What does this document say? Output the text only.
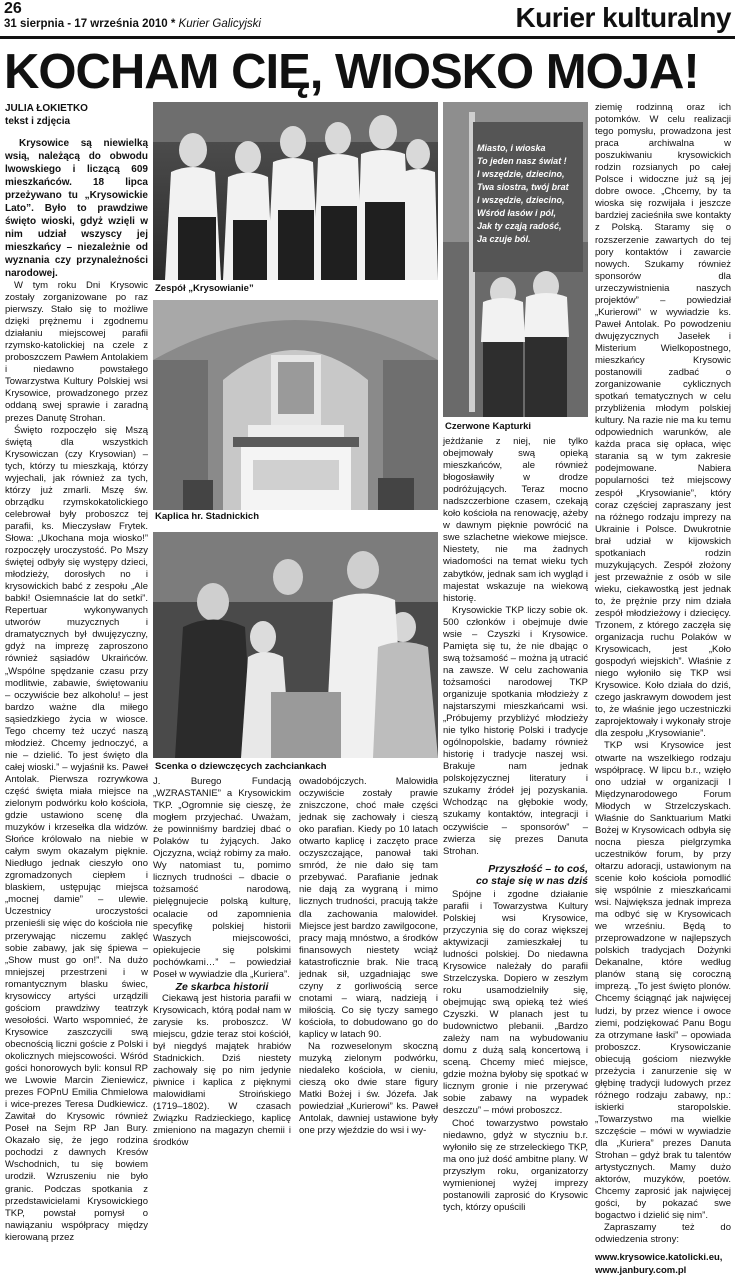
26
31 sierpnia - 17 września 2010 * Kurier Galicyjski	Kurier kulturalny
KOCHAM CIĘ, WIOSKO MOJA!

JULIA ŁOKIETKO

tekst i zdjęcia

Krysowice są niewielką wsią, należącą do obwodu lwowskiego i liczącą 609 mieszkańców. 18 lipca przeżywano tu „Krysowickie Lato”. Było to prawdziwe święto wioski, gdyż wzięli w nim udział wszyscy jej mieszkańcy – niezależnie od wyznania czy przynależności narodowej.

W tym roku Dni Krysowic zostały zorganizowane po raz pierwszy. Stało się to możliwe dzięki prężnemu i zgodnemu działaniu miejscowej parafii rzymsko-katolickiej na czele z proboszczem Pawłem Antolakiem i niedawno powstałego Towarzystwa Kultury Polskiej wsi Krysowice, prowadzonego przez oddaną swej sprawie i zaradną prezes Danutę Strohan.

Święto rozpoczęło się Mszą świętą dla wszystkich Krysowiczan (czy Krysowian) – tych, którzy tu mieszkają, którzy wyjechali, jak również za tych, którzy już zmarli. Mszę św. obrządku rzymskokatolickiego celebrował były proboszcz tej parafii, ks. Mieczysław Frytek. Słowa: „Ukochana moja wiosko!” rozpoczęły uroczystość. Po Mszy świętej odbyły się występy dzieci, młodzieży, dorosłych no i krysowickich babć z zespołu „Ale babki! Osiemnaście lat do setki”. Repertuar wykonywanych utworów muzycznych i dramatycznych był dwujęzyczny, gdyż na imprezę zaproszono również sąsiadów Ukraińców. „Wspólne spędzanie czasu przy modlitwie, zabawie, świętowaniu – oczywiście bez alkoholu! – jest bardzo ważne dla miłego sąsiedzkiego życia w wiosce. Tego chcemy też uczyć naszą młodzież. Chcemy jednoczyć, a nie – dzielić. To jest święto dla całej wioski.” – wyjaśnił ks. Paweł Antolak. Pierwsza rozrywkowa część święta miała miejsce na zielonym podwórku koło kościoła, gdzie ustawiono scenę dla muzyków i krzesełka dla widzów. Słońce królowało na niebie w całym swym okazałym pięknie. Niedługo jednak cieszyło ono zgromadzonych ciepłem i blaskiem, ustępując miejsca „mocnej damie” – ulewie. Uczestnicy uroczystości przenieśli się więc do kościoła nie przerywając niczemu zaklęć sobie zabawy, jak się śpiewa – „Show must go on!”. Na dużo mniejszej przestrzeni i w romantycznym blasku świec, krysowiccy artyści urządzili gościom prawdziwy teatrzyk wesołości. Warto wspomnieć, że Krysowice zaszczycili swą obecnością liczni goście z Polski i okolicznych miejscowości. Wśród gości honorowych byli: konsul RP we Lwowie Marcin Zieniewicz, prezes FOPnU Emilia Chmielowa i wice-prezes Teresa Dudkiewicz. Zawitał do Krysowic również Poseł na Sejm RP Jan Bury. Okazało się, że jego rodzina pochodzi z dawnych Kresów Wschodnich, tu się bowiem urodził. Wzruszeniu nie było granic. Podczas spotkania z przedstawicielami Krysowickiego TKP, powstał pomysł o nawiązaniu współpracy między kierowaną przez

Zespół „Krysowianie”
Kaplica hr. Stadnickich
Scenka o dziewczęcych zachciankach
Miasto, i wioska
To jeden nasz świat !
I wszędzie, dziecino,
Twa siostra, twój brat
I wszędzie, dziecino,
Wśród łasów i pól,
Jak ty cząją radość,
Ja czuje ból.
Czerwone Kapturki

J. Burego Fundacją „WZRASTANIE” a Krysowickim TKP. „Ogromnie się cieszę, że mogłem przyjechać. Uważam, że powinniśmy bardziej dbać o Polaków tu żyjących. Jako Ojczyzna, wciąż robimy za mało. Wy natomiast tu, pomimo licznych trudności – dbacie o tożsamość narodową, pielęgnujecie polską kulturę, ocalacie od zapomnienia specyfikę polskiej historii Waszych miejscowości, opiekujecie się polskimi pochówkami…” – powiedział Poseł w wywiadzie dla „Kuriera”.

Ze skarbca historii

Ciekawą jest historia parafii w Krysowicach, którą podał nam w zarysie ks. proboszcz. W miejscu, gdzie teraz stoi kościół, był niegdyś majątek hrabiów Stadnickich. Dziś niestety zachowały się po nim jedynie piwnice i kaplica z pięknymi malowidłami Stroińskiego (1719–1802). W czasach Związku Radzieckiego, kaplicę zmieniono na magazyn chemii i środków

owadobójczych. Malowidła oczywiście zostały prawie zniszczone, choć małe części jednak się zachowały i cieszą oko parafian. Kiedy po 10 latach otwarto kaplicę i zaczęto prace oczyszczające, panował taki smród, że nie dało się tam przebywać. Parafianie jednak nie dają za wygraną i mimo licznych trudności, pracują także dla zachowania malowideł. Miejsce jest bardzo zawilgocone, pracy mają mnóstwo, a środków finansowych niestety wciąż katastroficznie brak. Nie tracą jednak sił, uzgadniając swe czyny z gorliwością serce cnotami – wiarą, nadzieją i miłością. Co się tyczy samego kościoła, to dobudowano go do kaplicy w latach 90.

Na rozweselonym skoczną muzyką zielonym podwórku, niedaleko kościoła, w cieniu, cieszą oko dwie stare figury Matki Bożej i św. Józefa. Jak powiedział „Kurierowi” ks. Paweł Antolak, dawniej ustawione były one przy wjeździe do wsi i wy-

jeżdżanie z niej, nie tylko obejmowały swą opieką mieszkańców, ale również błogosławiły w drodze podróżujących. Teraz mocno nadszczerbione czasem, czekają koło kościoła na renowację, ażeby w dawnym pięknie powrócić na swe szlachetne wiekowe miejsce. Niestety, nie ma żadnych wiadomości na temat wieku tych zabytków, jednak sam ich wygląd i majestat wskazuje na wiekową historię.

Krysowickie TKP liczy sobie ok. 500 członków i obejmuje dwie wsie – Czyszki i Krysowice. Pamięta się tu, że nie dbając o swą tożsamość – można ją utracić na zawsze. W celu zachowania tożsamości narodowej TKP organizuje spotkania młodzieży z najstarszymi mieszkańcami wsi. „Próbujemy przybliżyć młodzieży nie tylko historię Polski i tradycje ogólnopolskie, badamy również historię i tradycje naszej wsi. Brakuje nam jednak polskojęzycznej literatury i szukamy źródeł jej pozyskania. Wchodząc na głębokie wody, szukamy kontaktów, integracji i oczywiście – sponsorów” – zwierza się prezes Danuta Strohan.

Przyszłość – to coś,
co staje się w nas dziś

Spójne i zgodne działanie parafii i Towarzystwa Kultury Polskiej wsi Krysowice, przyczynia się do coraz większej aktywizacji zamieszkałej tu ludności polskiej. Do niedawna Krysowice należały do parafii Strzelczyska. Dopiero w zeszłym roku usamodzielniły się, obejmując swą opieką też wieś Czyszki. W planach jest tu budownictwo plebanii. „Bardzo zależy nam na wybudowaniu domu z dużą salą koncertową i sceną. Chcemy mieć miejsce, gdzie można byłoby się spotkać w licznym gronie i nie przerywać sobie zabawy na wypadek deszczu” – mówi proboszcz.

Choć towarzystwo powstało niedawno, gdyż w styczniu b.r. wyłoniło się ze strzeleckiego TKP, ma ono już dość ambitne plany. W przyszłym roku, organizatorzy wymienionej wyżej imprezy postanowili zaprosić do Krysowic tych, którzy opuścili

ziemię rodzinną oraz ich potomków. W celu realizacji tego pomysłu, prowadzona jest praca archiwalna w poszukiwaniu krysowickich rodzin rozsianych po całej Polsce i widoczne już są jej dobre owoce. „Chcemy, by ta wioska się rozwijała i jeszcze bardziej zacieśniła swe kontakty z Polską. Staramy się o rozszerzenie zawartych do tej pory kontaktów i zawarcie nowych. Szukamy również sponsorów dla urzeczywistnienia naszych projektów” – powiedział „Kurierowi” w wywiadzie ks. Paweł Antolak. Po powodzeniu dwujęzycznych Jasełek i Misterium Wielkopostnego, mieszkańcy Krysowic postanowili zadbać o zorganizowanie cyklicznych spotkań tematycznych w celu przybliżenia młodym polskiej kultury. Na razie nie ma ku temu odpowiednich warunków, ale każda praca się opłaca, więc starania są w tym zakresie podejmowane. Nabiera popularności też miejscowy zespół „Krysowianie”, który coraz częściej zapraszany jest na różnego rodzaju imprezy na Ukrainie i Polsce. Dwukrotnie brał udział w kijowskich spotkaniach rodzin muzykujących. Zespół złożony jest przeważnie z osób w sile wieku, ciekawostką jest jednak to, że prężnie przy nim działa zespół młodzieżowy i dziecięcy. Trzonem, z którego zaczęła się organizacja ruchu Polaków w Krysowicach, jest „Koło gospodyń wiejskich”. Właśnie z niego wyłoniło się TKP wsi Krysowice. Koło działa do dziś, czego jaskrawym dowodem jest to, że właśnie jego uczestniczki zaprojektowały i wykonały stroje dla zespołu „Krysowianie”.

TKP wsi Krysowice jest otwarte na wszelkiego rodzaju współpracę. W lipcu b.r., wzięło ono udział w organizacji I Międzynarodowego Forum Młodych w Strzelczyskach. Właśnie do Sanktuarium Matki Bożej w Krysowicach odbyła się nocna piesza pielgrzymka uczestników forum, by przy ołtarzu adoracji, ustawionym na scenie koło kościoła pomodlić się wspólnie z mieszkańcami wsi. Największa jednak impreza ma odbyć się w Krysowicach we wrześniu. Będą to przeprowadzone w najlepszych polskich tradycjach Dożynki Dekanalne, które według planów staną się coroczną imprezą. „To jest święto plonów. Chcemy ściągnąć jak najwięcej ludzi, by przez wience i owoce ziemi, podziękować Panu Bogu za otrzymane łaski” – opowiada proboszcz. Krysowiczanie obiecują gościom niezwykłe przeżycia i zanurzenie się w głębinę tradycji ludowych przez różnego rodzaju zabawy, np.: iskierki staropolskie. „Towarzystwo ma wielkie szczęście – mówi w wywiadzie dla „Kuriera” prezes Danuta Strohan – gdyż brak tu talentów artystycznych. Mamy dużo aktorów, muzyków, poetów. Chcemy zaprosić jak najwięcej gości, by pokazać swe bogactwo i dzielić się nim”.

Zapraszamy też do odwiedzenia strony:

www.krysowice.katolicki.eu, www.janbury.com.pl
